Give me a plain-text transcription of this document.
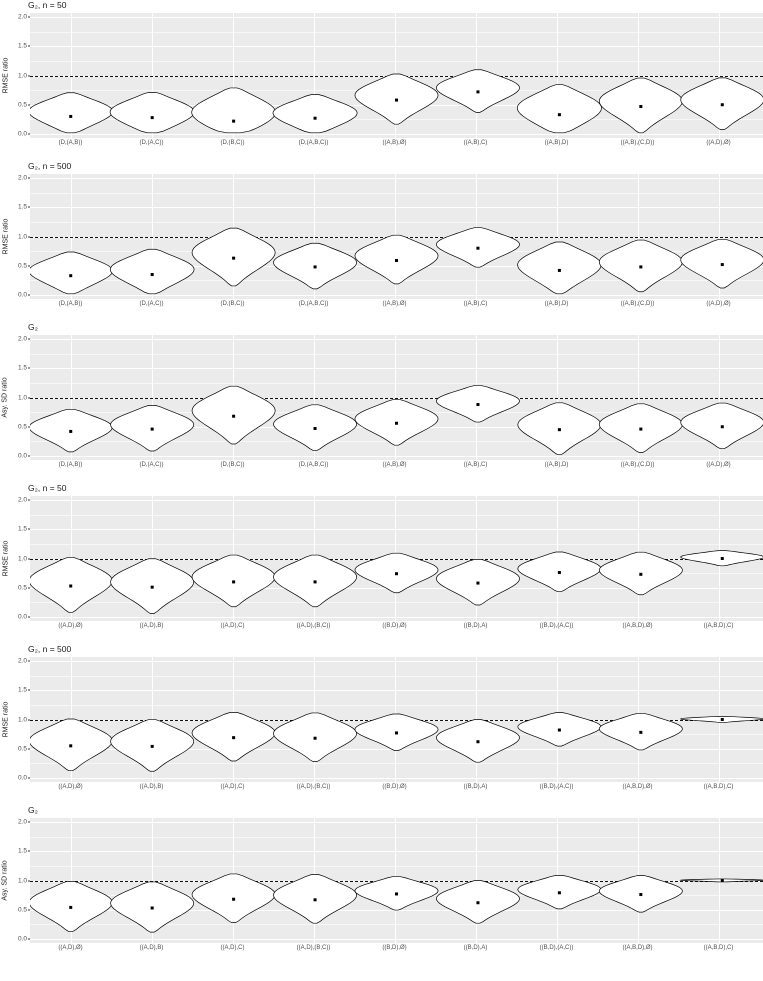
G₂, n = 50
RMSE ratio
0.0
0.5
1.0
1.5
2.0
(D,(A,B))	(D,(A,C))	(D,(B,C))	(D,(A,B,C))	((A,B),Ø)	((A,B),C)	((A,B),D)	((A,B),(C,D))	((A,D),Ø)
G₂, n = 500
RMSE ratio
0.0
0.5
1.0
1.5
2.0
(D,(A,B))	(D,(A,C))	(D,(B,C))	(D,(A,B,C))	((A,B),Ø)	((A,B),C)	((A,B),D)	((A,B),(C,D))	((A,D),Ø)
G₂
Asy. SD ratio
0.0
0.5
1.0
1.5
2.0
(D,(A,B))	(D,(A,C))	(D,(B,C))	(D,(A,B,C))	((A,B),Ø)	((A,B),C)	((A,B),D)	((A,B),(C,D))	((A,D),Ø)
G₂, n = 50
RMSE ratio
0.0
0.5
1.0
1.5
2.0
((A,D),Ø)	((A,D),B)	((A,D),C)	((A,D),(B,C))	((B,D),Ø)	((B,D),A)	((B,D),(A,C))	((A,B,D),Ø)	((A,B,D),C)
G₂, n = 500
RMSE ratio
0.0
0.5
1.0
1.5
2.0
((A,D),Ø)	((A,D),B)	((A,D),C)	((A,D),(B,C))	((B,D),Ø)	((B,D),A)	((B,D),(A,C))	((A,B,D),Ø)	((A,B,D),C)
G₂
Asy. SD ratio
0.0
0.5
1.0
1.5
2.0
((A,D),Ø)	((A,D),B)	((A,D),C)	((A,D),(B,C))	((B,D),Ø)	((B,D),A)	((B,D),(A,C))	((A,B,D),Ø)	((A,B,D),C)
